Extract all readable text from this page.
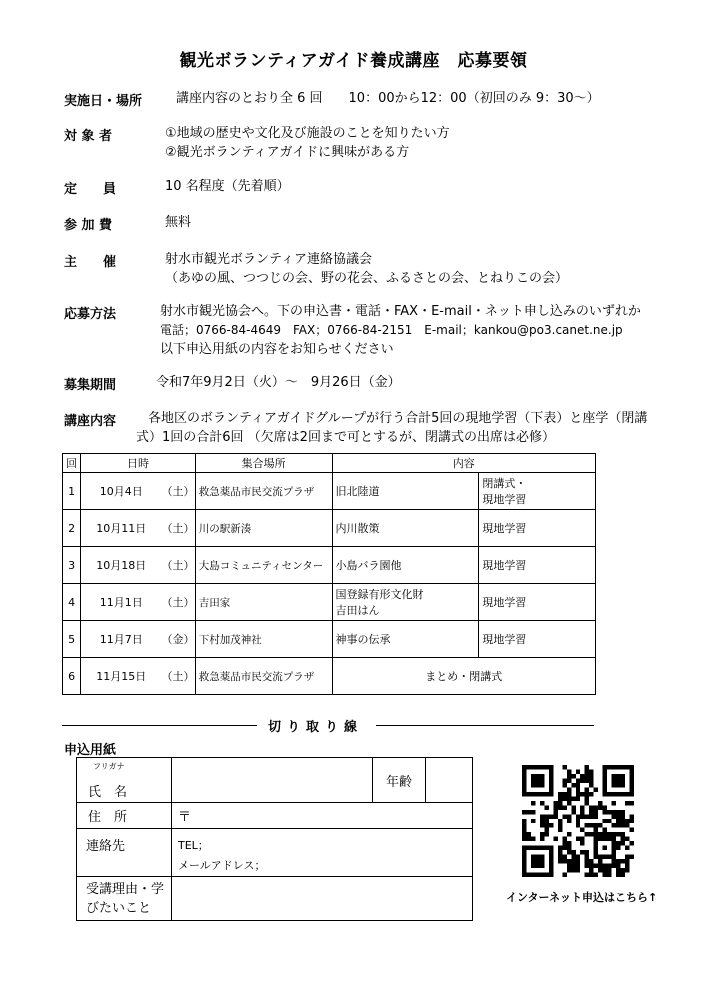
観光ボランティアガイド養成講座　応募要領
実施日・場所	講座内容のとおり全 6 回　　10：00から12：00（初回のみ 9：30～）
対 象 者	①地域の歴史や文化及び施設のことを知りたい方
②観光ボランティアガイドに興味がある方
定　　員	10 名程度（先着順）
参 加 費	無料
主　　催	射水市観光ボランティア連絡協議会
（あゆの風、つつじの会、野の花会、ふるさとの会、とねりこの会）
応募方法	射水市観光協会へ。下の申込書・電話・FAX・E-mail・ネット申し込みのいずれか
電話；0766-84-4649　FAX；0766-84-2151　E-mail；kankou@po3.canet.ne.jp
以下申込用紙の内容をお知らせください
募集期間	令和7年9月2日（火）～　9月26日（金）
講座内容 各地区のボランティアガイドグループが行う合計5回の現地学習（下表）と座学（閉講
式）1回の合計6回 （欠席は2回まで可とするが、閉講式の出席は必修）
回	日時		集合場所	内容	
1	10月4日	（土）	救急薬品市民交流プラザ	旧北陸道	閉講式・
現地学習
2	10月11日	（土）	川の駅新湊	内川散策	現地学習
3	10月18日	（土）	大島コミュニティセンター	小島バラ園他	現地学習
4	11月1日	（土）	吉田家	国登録有形文化財
吉田はん	現地学習
5	11月7日	（金）	下村加茂神社	神事の伝承	現地学習
6	11月15日	（土）	救急薬品市民交流プラザ	まとめ・閉講式	
切り取り線
申込用紙
フリガナ
氏　名		年齢	
住　所	〒		
連絡先	TEL；
メールアドレス；		

受講理由・学
びたいこと			
インターネット申込はこちら↑
